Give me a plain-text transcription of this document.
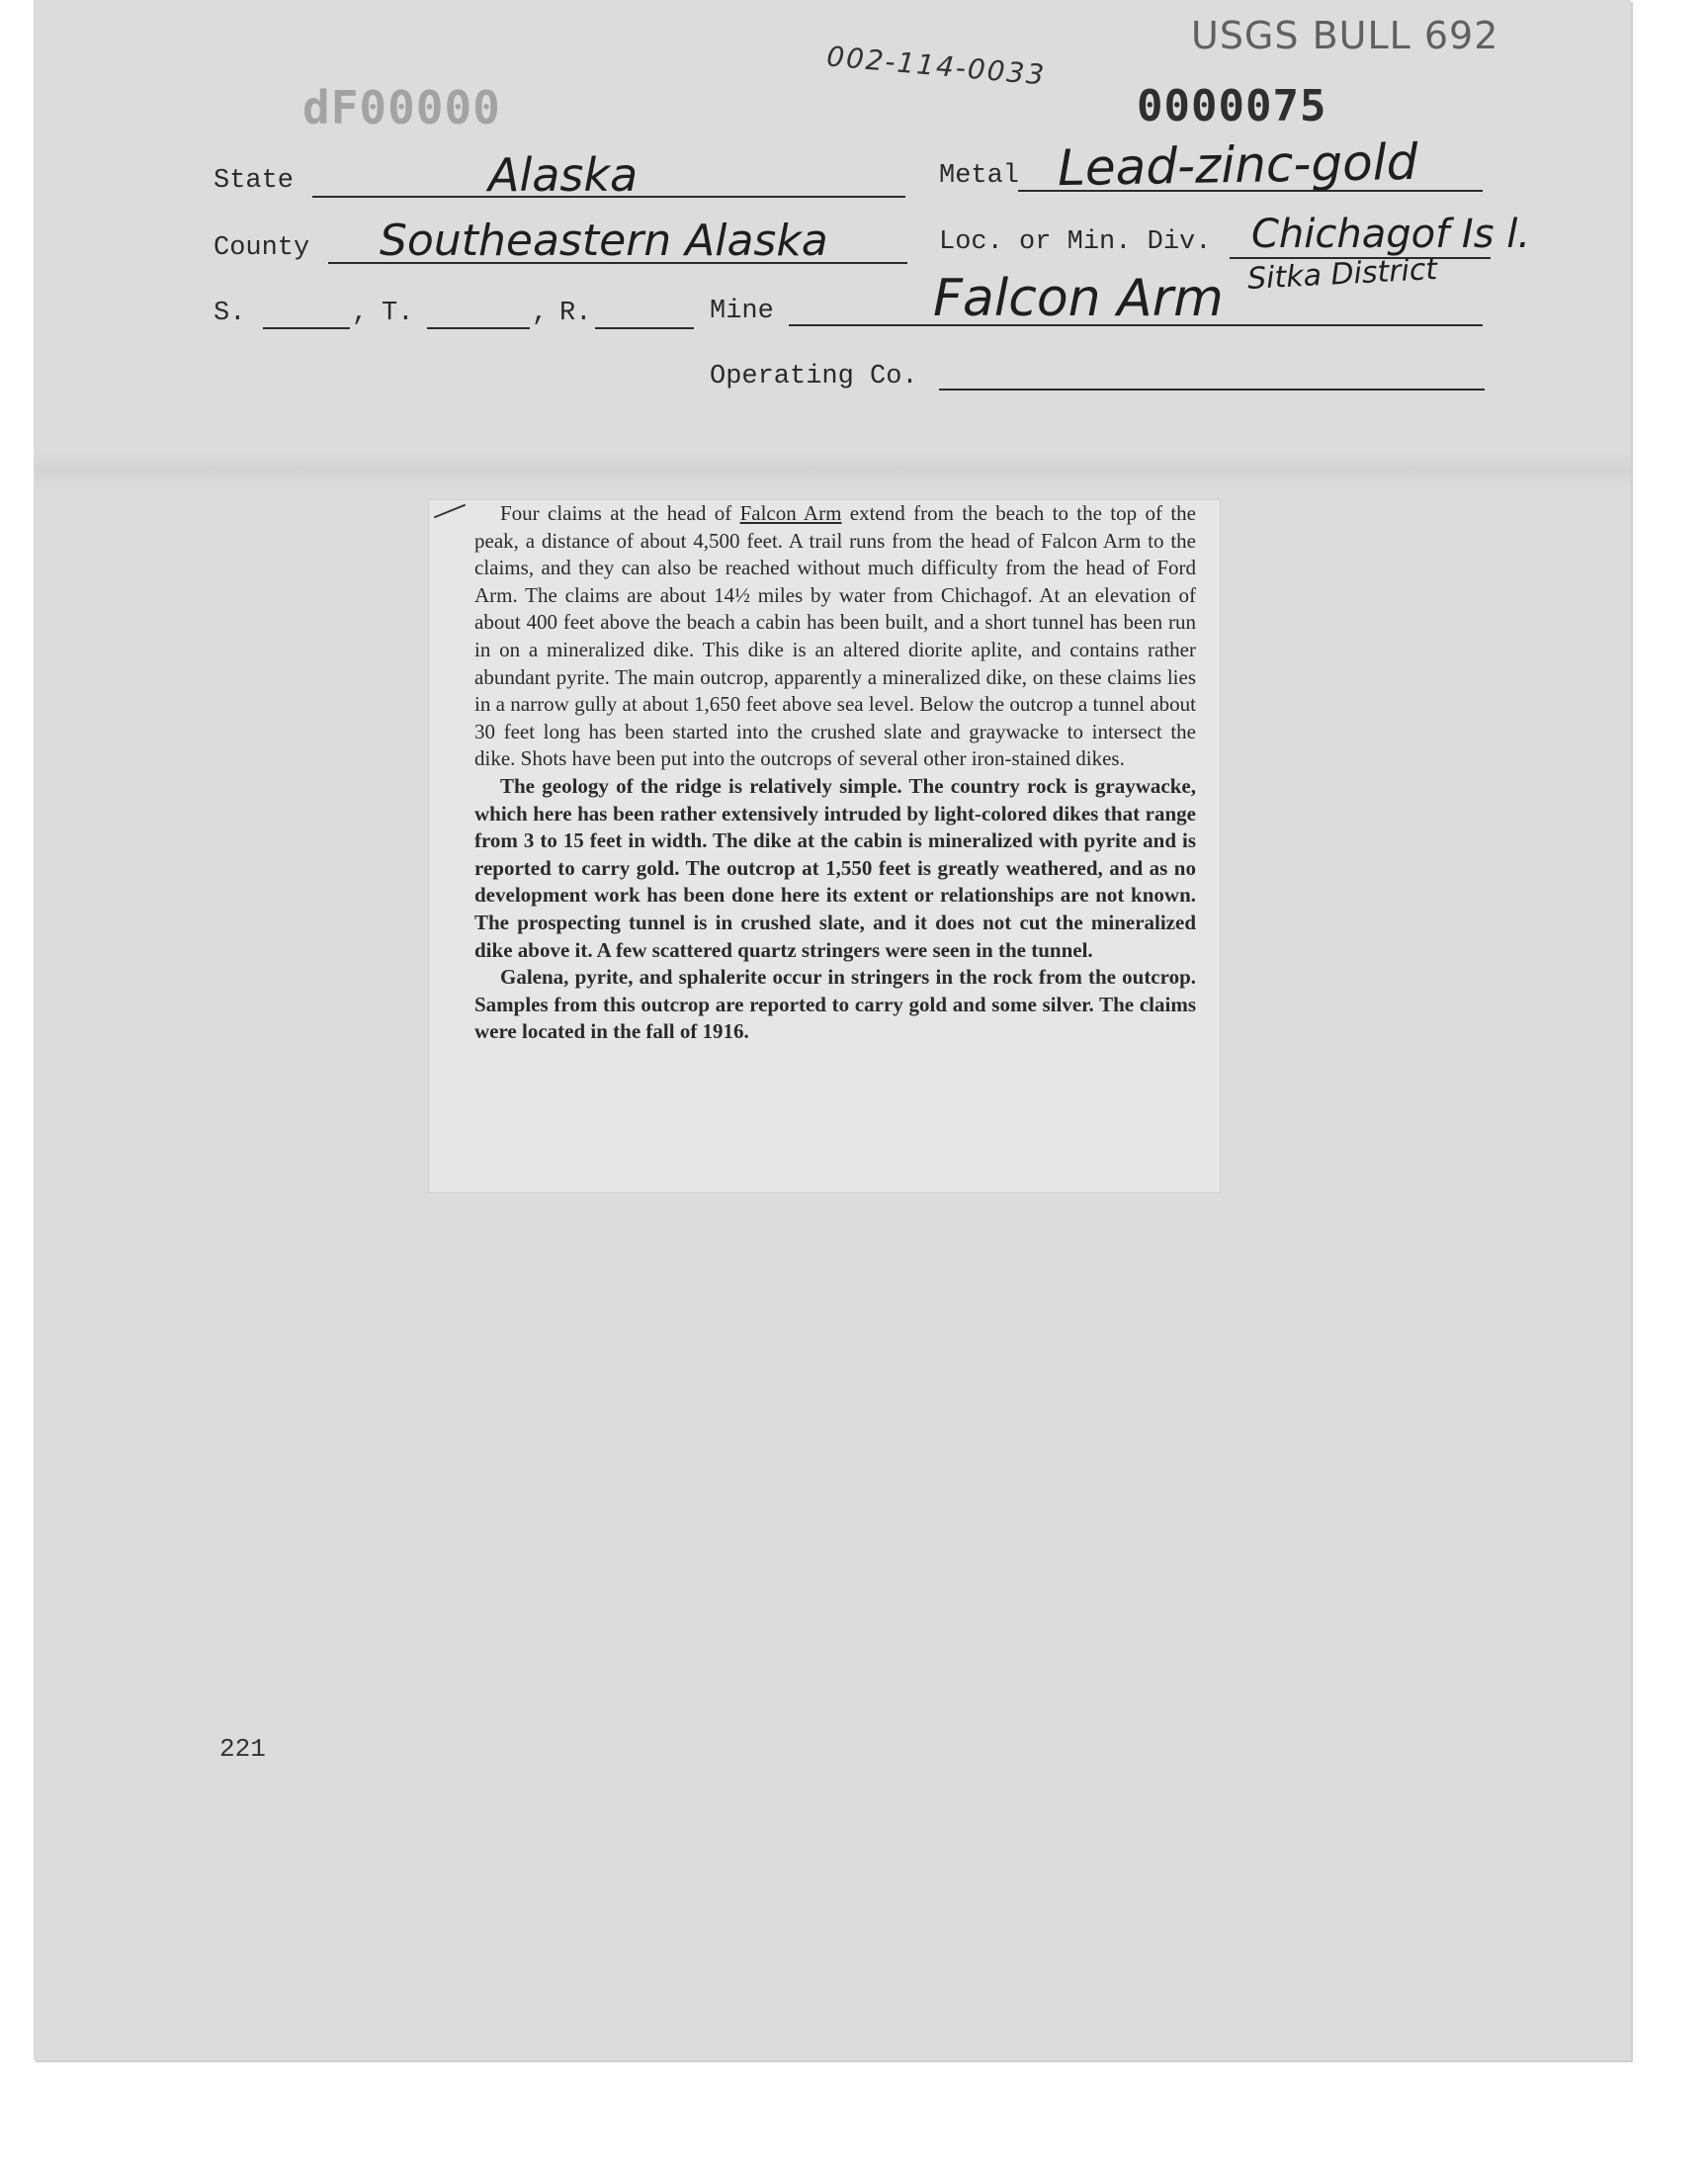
USGS BULL 692
002-114-0033
0000075
dF00000
State	Alaska	Metal Lead-zinc-gold
County Southeastern Alaska	Loc. or Min. Div. Chichagof Is l.
Sitka District
S.	, T.	, R.	Mine	Falcon Arm
Operating Co.

Four claims at the head of Falcon Arm extend from the beach to the top of the peak, a distance of about 4,500 feet. A trail runs from the head of Falcon Arm to the claims, and they can also be reached without much difficulty from the head of Ford Arm. The claims are about 14½ miles by water from Chichagof. At an elevation of about 400 feet above the beach a cabin has been built, and a short tunnel has been run in on a mineralized dike. This dike is an altered diorite aplite, and contains rather abundant pyrite. The main outcrop, apparently a mineralized dike, on these claims lies in a narrow gully at about 1,650 feet above sea level. Below the outcrop a tunnel about 30 feet long has been started into the crushed slate and graywacke to intersect the dike. Shots have been put into the outcrops of several other iron-stained dikes.

The geology of the ridge is relatively simple. The country rock is graywacke, which here has been rather extensively intruded by light-colored dikes that range from 3 to 15 feet in width. The dike at the cabin is mineralized with pyrite and is reported to carry gold. The outcrop at 1,550 feet is greatly weathered, and as no development work has been done here its extent or relationships are not known. The prospecting tunnel is in crushed slate, and it does not cut the mineralized dike above it. A few scattered quartz stringers were seen in the tunnel.

Galena, pyrite, and sphalerite occur in stringers in the rock from the outcrop. Samples from this outcrop are reported to carry gold and some silver. The claims were located in the fall of 1916.

221
